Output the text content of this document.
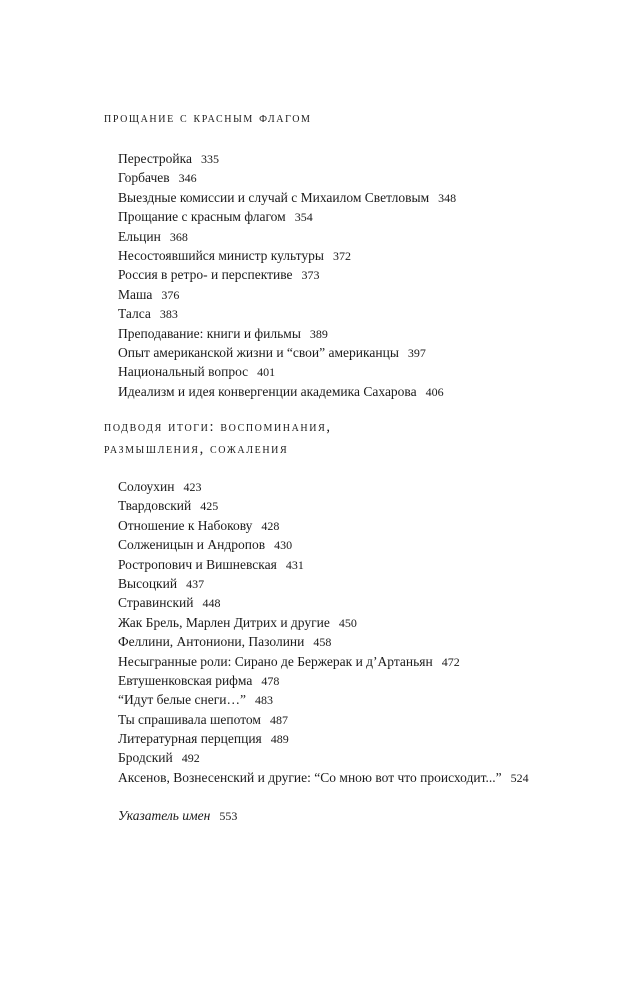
прощание с красным флагом
Перестройка 335
Горбачев 346
Выездные комиссии и случай с Михаилом Светловым 348
Прощание с красным флагом 354
Ельцин 368
Несостоявшийся министр культуры 372
Россия в ретро- и перспективе 373
Маша 376
Талса 383
Преподавание: книги и фильмы 389
Опыт американской жизни и “свои” американцы 397
Национальный вопрос 401
Идеализм и идея конвергенции академика Сахарова 406
подводя итоги: воспоминания,
размышления, сожаления
Солоухин 423
Твардовский 425
Отношение к Набокову 428
Солженицын и Андропов 430
Ростропович и Вишневская 431
Высоцкий 437
Стравинский 448
Жак Брель, Марлен Дитрих и другие 450
Феллини, Антониони, Пазолини 458
Несыгранные роли: Сирано де Бержерак и д’Артаньян 472
Евтушенковская рифма 478
“Идут белые снеги…” 483
Ты спрашивала шепотом 487
Литературная перцепция 489
Бродский 492
Аксенов, Вознесенский и другие: “Со мною вот что происходит...” 524
Указатель имен 553
